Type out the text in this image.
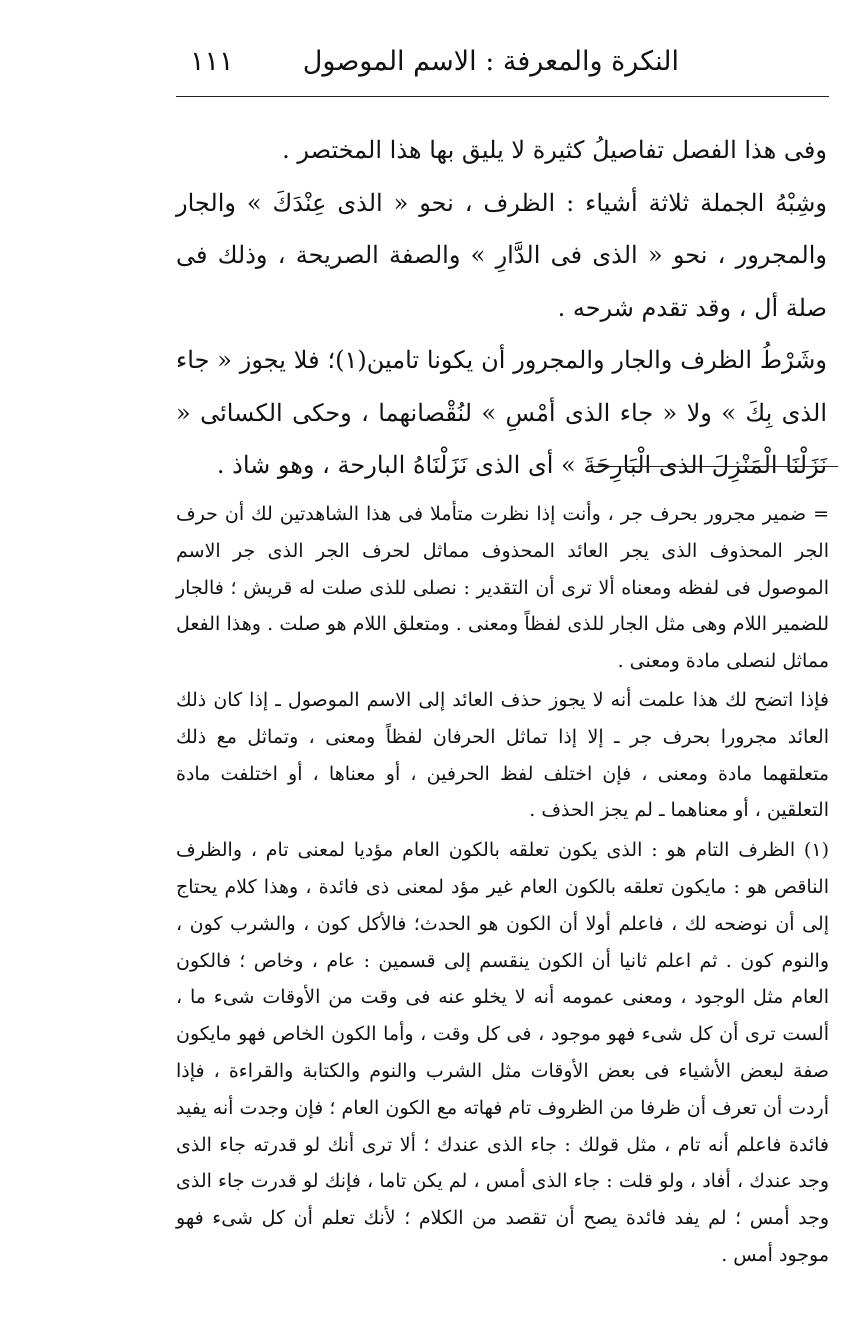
النكرة والمعرفة : الاسم الموصول
١١١

وفى هذا الفصل تفاصيلُ كثيرة لا يليق بها هذا المختصر .

وشِبْهُ الجملة ثلاثة أشياء : الظرف ، نحو « الذى عِنْدَكَ » والجار والمجرور ، نحو « الذى فى الدَّارِ » والصفة الصريحة ، وذلك فى صلة أل ، وقد تقدم شرحه .

وشَرْطُ الظرف والجار والمجرور أن يكونا تامين(١)؛ فلا يجوز « جاء الذى بِكَ » ولا « جاء الذى أمْسِ » لنُقْصانهما ، وحكى الكسائى « نَزَلْنَا الْمَنْزِلَ الذى الْبَارِحَةَ » أى الذى نَزَلْنَاهُ البارحة ، وهو شاذ .

= ضمير مجرور بحرف جر ، وأنت إذا نظرت متأملا فى هذا الشاهدتين لك أن حرف الجر المحذوف الذى يجر العائد المحذوف مماثل لحرف الجر الذى جر الاسم الموصول فى لفظه ومعناه ألا ترى أن التقدير : نصلى للذى صلت له قريش ؛ فالجار للضمير اللام وهى مثل الجار للذى لفظاً ومعنى . ومتعلق اللام هو صلت . وهذا الفعل مماثل لنصلى مادة ومعنى .

فإذا اتضح لك هذا علمت أنه لا يجوز حذف العائد إلى الاسم الموصول ـ إذا كان ذلك العائد مجرورا بحرف جر ـ إلا إذا تماثل الحرفان لفظاً ومعنى ، وتماثل مع ذلك متعلقهما مادة ومعنى ، فإن اختلف لفظ الحرفين ، أو معناها ، أو اختلفت مادة التعلقين ، أو معناهما ـ لم يجز الحذف .

(١) الظرف التام هو : الذى يكون تعلقه بالكون العام مؤديا لمعنى تام ، والظرف الناقص هو : مايكون تعلقه بالكون العام غير مؤد لمعنى ذى فائدة ، وهذا كلام يحتاج إلى أن نوضحه لك ، فاعلم أولا أن الكون هو الحدث؛ فالأكل كون ، والشرب كون ، والنوم كون . ثم اعلم ثانيا أن الكون ينقسم إلى قسمين : عام ، وخاص ؛ فالكون العام مثل الوجود ، ومعنى عمومه أنه لا يخلو عنه فى وقت من الأوقات شىء ما ، ألست ترى أن كل شىء فهو موجود ، فى كل وقت ، وأما الكون الخاص فهو مايكون صفة لبعض الأشياء فى بعض الأوقات مثل الشرب والنوم والكتابة والقراءة ، فإذا أردت أن تعرف أن ظرفا من الظروف تام فهاته مع الكون العام ؛ فإن وجدت أنه يفيد فائدة فاعلم أنه تام ، مثل قولك : جاء الذى عندك ؛ ألا ترى أنك لو قدرته جاء الذى وجد عندك ، أفاد ، ولو قلت : جاء الذى أمس ، لم يكن تاما ، فإنك لو قدرت جاء الذى وجد أمس ؛ لم يفد فائدة يصح أن تقصد من الكلام ؛ لأنك تعلم أن كل شىء فهو موجود أمس .
